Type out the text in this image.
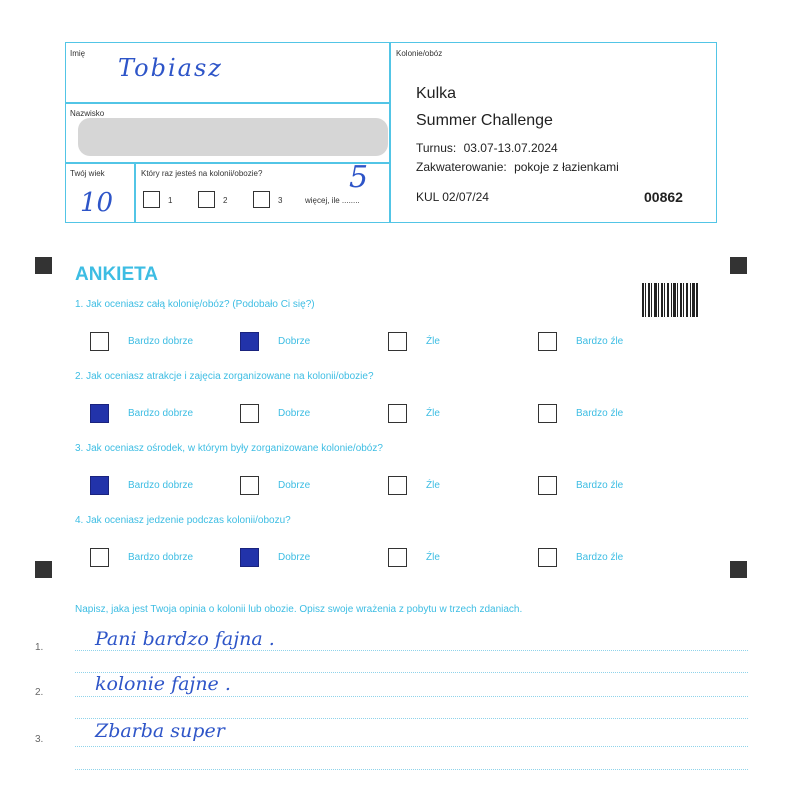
Imię
Tobiasz
Nazwisko
Twój wiek
10
Który raz jesteś na kolonii/obozie?
1	2	3	więcej, ile ........
5
Kolonie/obóz
Kulka
Summer Challenge
Turnus: 03.07-13.07.2024
Zakwaterowanie: pokoje z łazienkami
KUL 02/07/24	00862
ANKIETA
1. Jak oceniasz całą kolonię/obóz? (Podobało Ci się?)
Bardzo dobrze	Dobrze	Źle	Bardzo źle
2. Jak oceniasz atrakcje i zajęcia zorganizowane na kolonii/obozie?
Bardzo dobrze	Dobrze	Źle	Bardzo źle
3. Jak oceniasz ośrodek, w którym były zorganizowane kolonie/obóz?
Bardzo dobrze	Dobrze	Źle	Bardzo źle
4. Jak oceniasz jedzenie podczas kolonii/obozu?
Bardzo dobrze	Dobrze	Źle	Bardzo źle
Napisz, jaka jest Twoja opinia o kolonii lub obozie. Opisz swoje wrażenia z pobytu w trzech zdaniach.
1.	Pani bardzo fajna .
2.	kolonie fajne .
3.	Zbarba super
